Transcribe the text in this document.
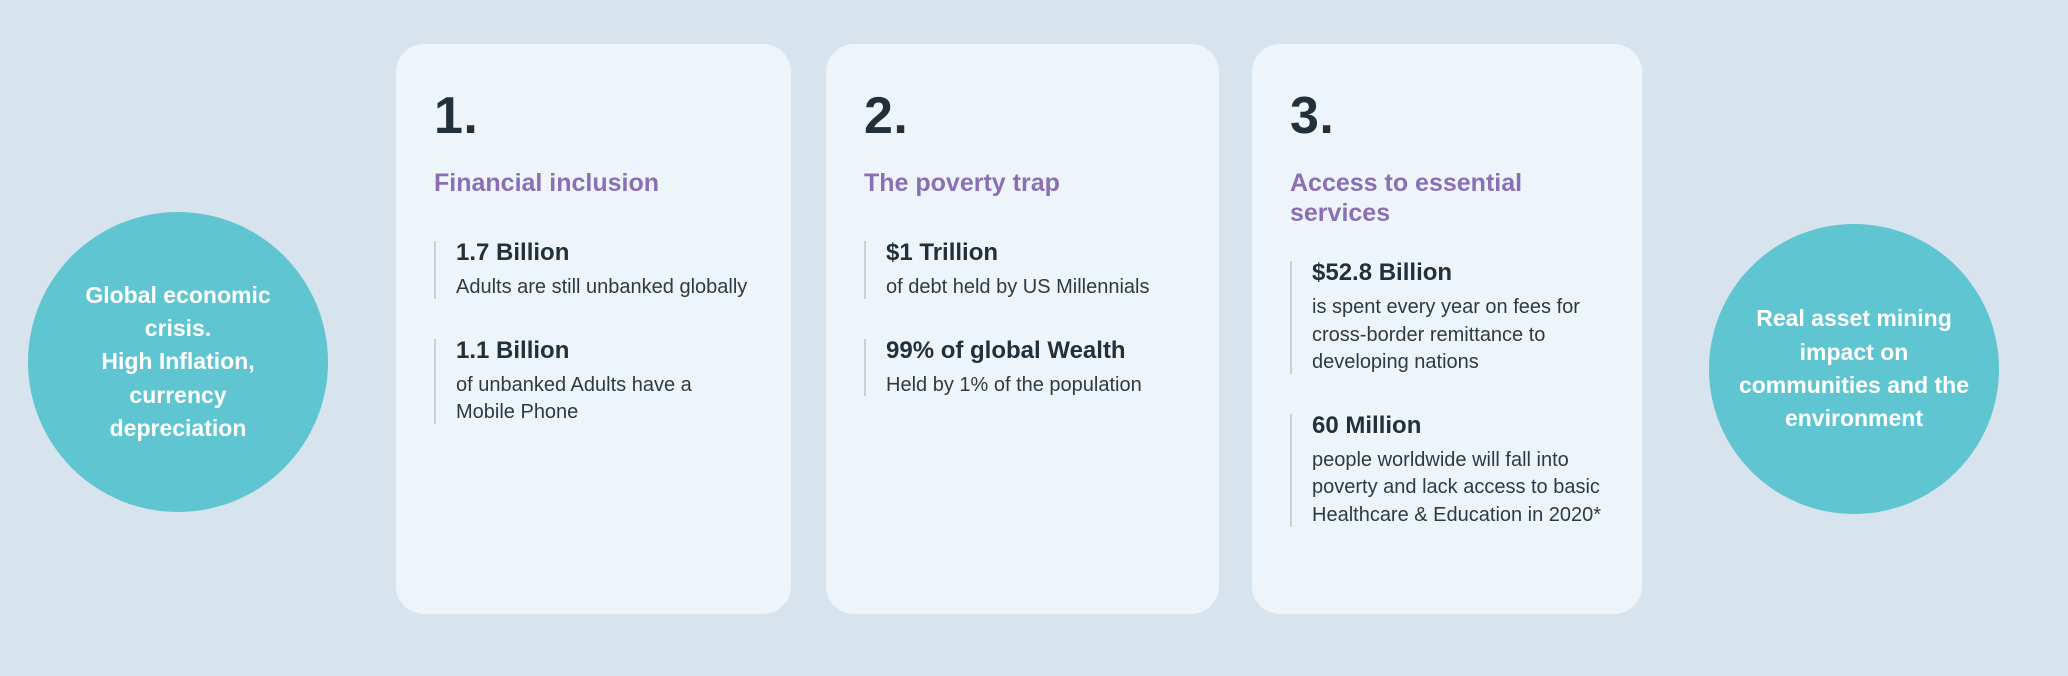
Global economic
crisis.
High Inflation,
currency
depreciation
1.
Financial inclusion
1.7 Billion
Adults are still unbanked globally
1.1 Billion
of unbanked Adults have a Mobile Phone
2.
The poverty trap
$1 Trillion
of debt held by US Millennials
99% of global Wealth
Held by 1% of the population
3.
Access to essential services
$52.8 Billion
is spent every year on fees for cross-border remittance to developing nations
60 Million
people worldwide will fall into poverty and lack access to basic Healthcare & Education in 2020*
Real asset mining
impact on
communities and the
environment
